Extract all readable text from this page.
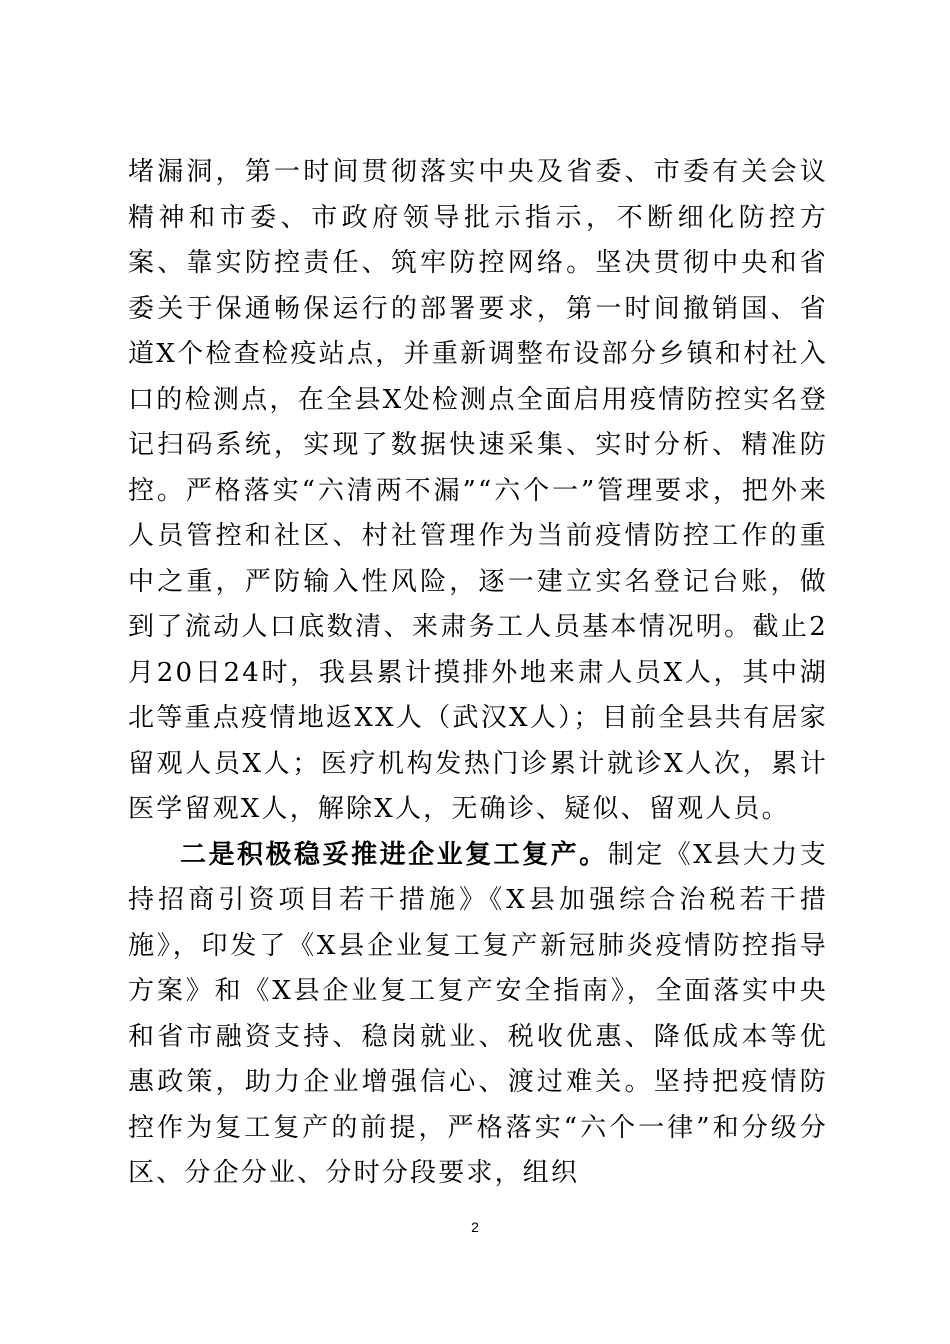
堵漏洞，第一时间贯彻落实中央及省委、市委有关会议精神和市委、市政府领导批示指示，不断细化防控方案、靠实防控责任、筑牢防控网络。坚决贯彻中央和省委关于保通畅保运行的部署要求，第一时间撤销国、省道X个检查检疫站点，并重新调整布设部分乡镇和村社入口的检测点，在全县X处检测点全面启用疫情防控实名登记扫码系统，实现了数据快速采集、实时分析、精准防控。严格落实“六清两不漏”“六个一”管理要求，把外来人员管控和社区、村社管理作为当前疫情防控工作的重中之重，严防输入性风险，逐一建立实名登记台账，做到了流动人口底数清、来肃务工人员基本情况明。截止2月20日24时，我县累计摸排外地来肃人员X人，其中湖北等重点疫情地返XX人（武汉X人）；目前全县共有居家留观人员X人；医疗机构发热门诊累计就诊X人次，累计医学留观X人，解除X人，无确诊、疑似、留观人员。

二是积极稳妥推进企业复工复产。制定《X县大力支持招商引资项目若干措施》《X县加强综合治税若干措施》，印发了《X县企业复工复产新冠肺炎疫情防控指导方案》和《X县企业复工复产安全指南》，全面落实中央和省市融资支持、稳岗就业、税收优惠、降低成本等优惠政策，助力企业增强信心、渡过难关。坚持把疫情防控作为复工复产的前提，严格落实“六个一律”和分级分区、分企分业、分时分段要求，组织

2
